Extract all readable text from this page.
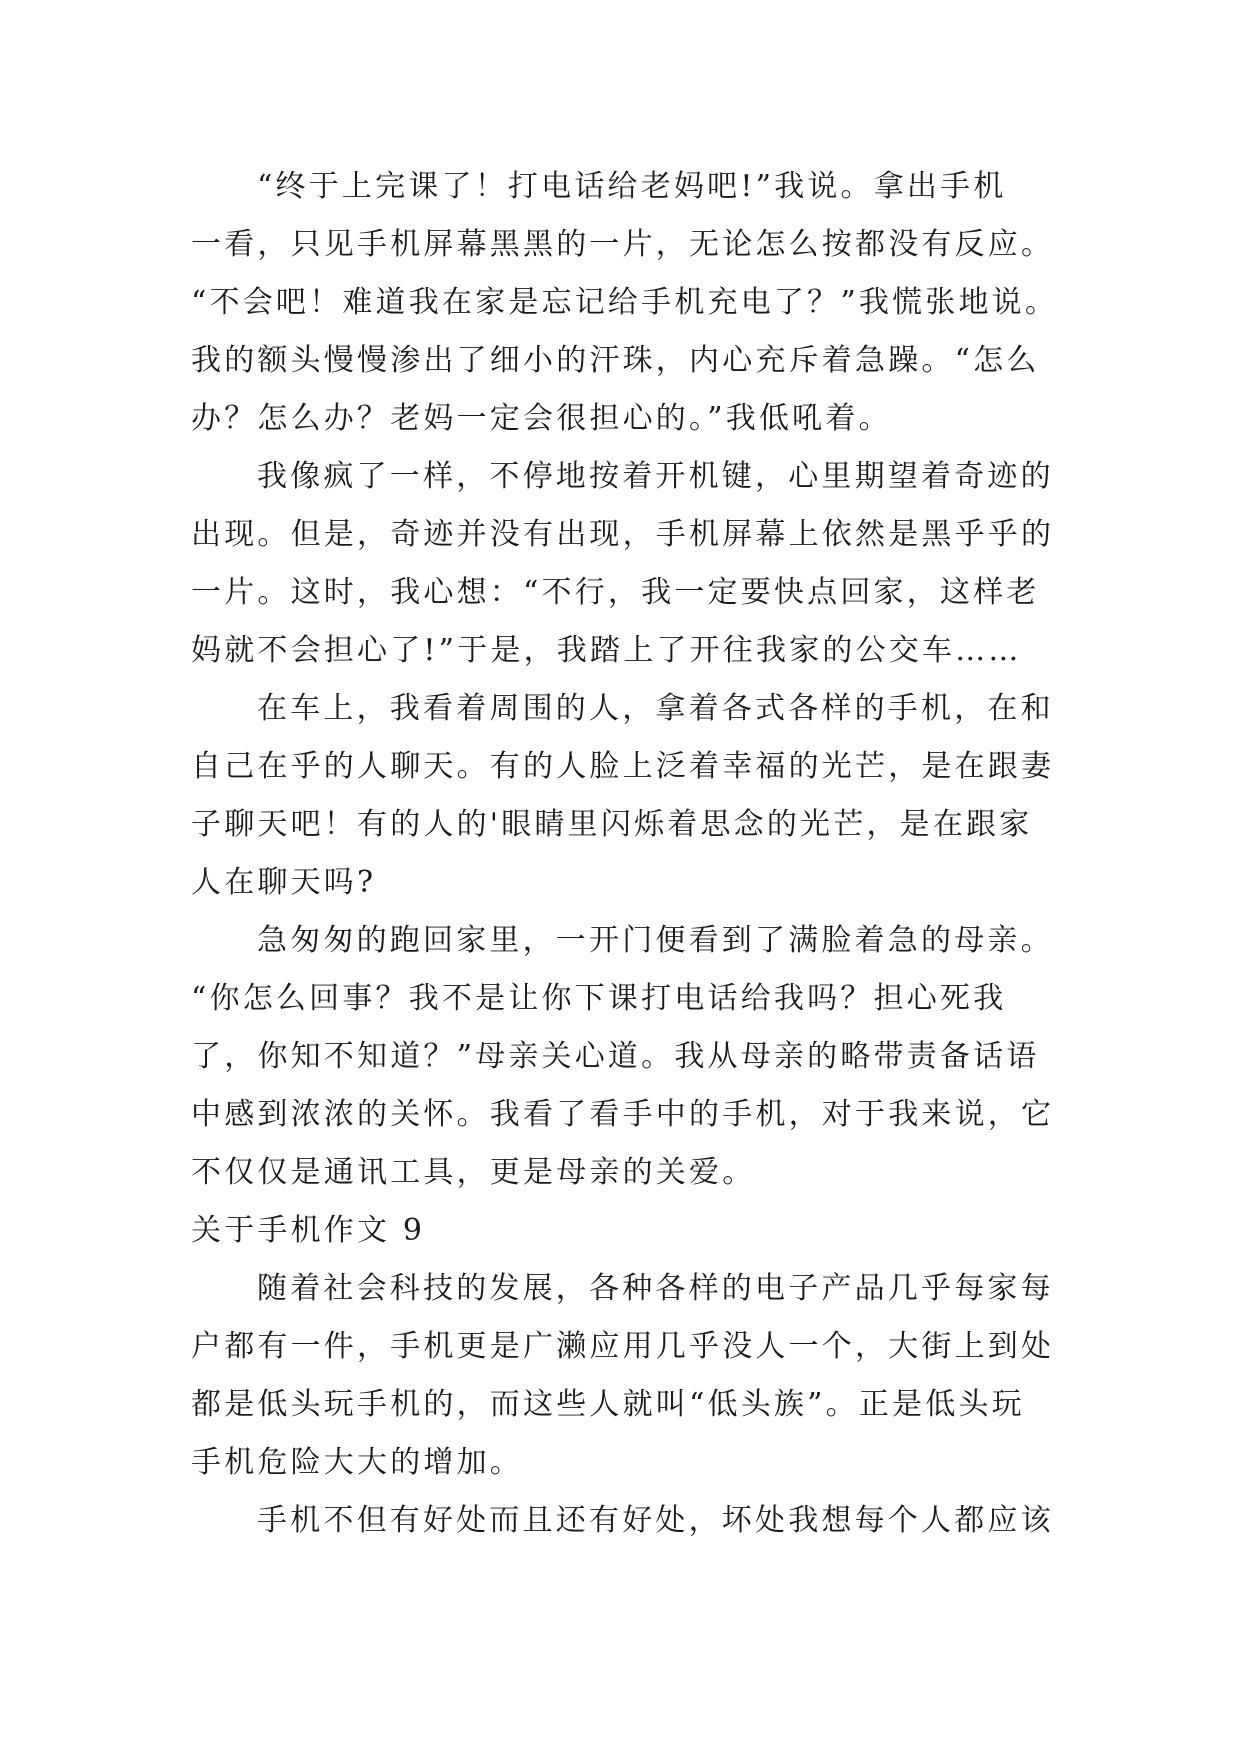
“终于上完课了！打电话给老妈吧!”我说。拿出手机
一看，只见手机屏幕黑黑的一片，无论怎么按都没有反应。
“不会吧！难道我在家是忘记给手机充电了？”我慌张地说。
我的额头慢慢渗出了细小的汗珠，内心充斥着急躁。“怎么
办？怎么办？老妈一定会很担心的。”我低吼着。
我像疯了一样，不停地按着开机键，心里期望着奇迹的
出现。但是，奇迹并没有出现，手机屏幕上依然是黑乎乎的
一片。这时，我心想：“不行，我一定要快点回家，这样老
妈就不会担心了!”于是，我踏上了开往我家的公交车……
在车上，我看着周围的人，拿着各式各样的手机，在和
自己在乎的人聊天。有的人脸上泛着幸福的光芒，是在跟妻
子聊天吧！有的人的'眼睛里闪烁着思念的光芒，是在跟家
人在聊天吗?
急匆匆的跑回家里，一开门便看到了满脸着急的母亲。
“你怎么回事？我不是让你下课打电话给我吗？担心死我
了，你知不知道？”母亲关心道。我从母亲的略带责备话语
中感到浓浓的关怀。我看了看手中的手机，对于我来说，它
不仅仅是通讯工具，更是母亲的关爱。
关于手机作文 9
随着社会科技的发展，各种各样的电子产品几乎每家每
户都有一件，手机更是广濑应用几乎没人一个，大街上到处
都是低头玩手机的，而这些人就叫“低头族”。正是低头玩
手机危险大大的增加。
手机不但有好处而且还有好处，坏处我想每个人都应该
